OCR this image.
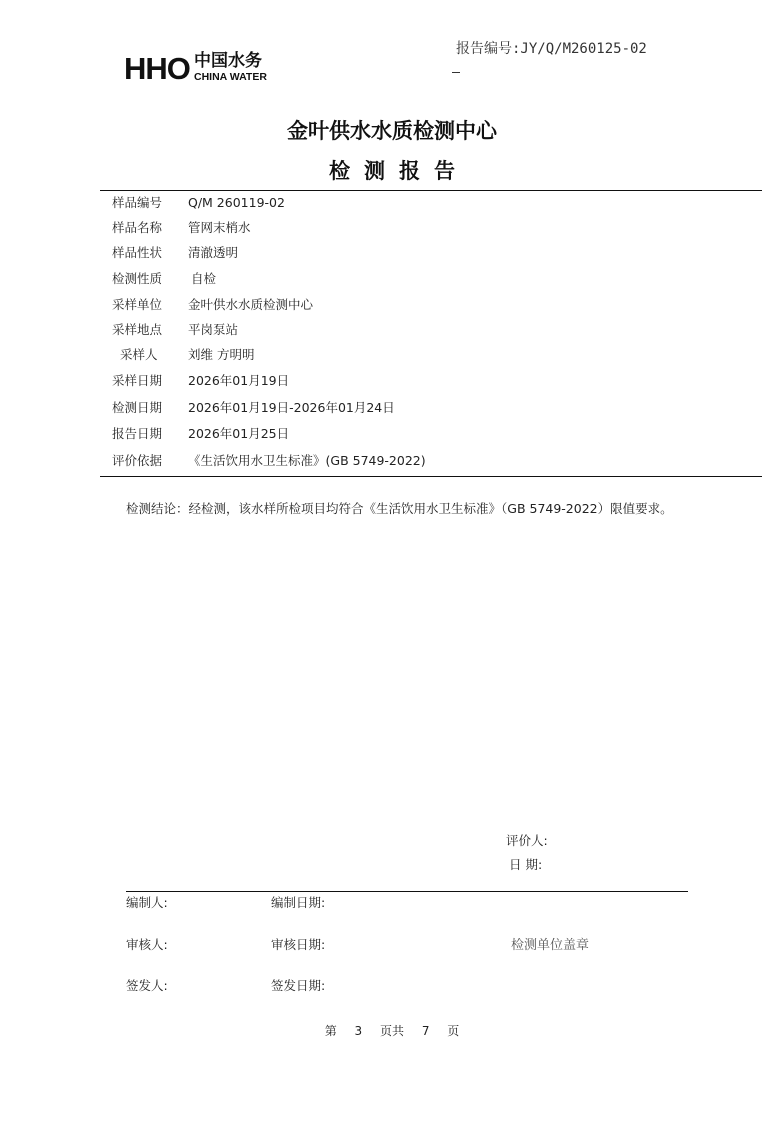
HHO 中国水务
CHINA WATER
报告编号:JY/Q/M260125-02
金叶供水水质检测中心
检测报告
样品编号	Q/M 260119-02
样品名称	管网末梢水
样品性状	清澈透明
检测性质	自检
采样单位	金叶供水水质检测中心
采样地点	平岗泵站
采样人	刘维 方明明
采样日期	2026年01月19日
检测日期	2026年01月19日-2026年01月24日
报告日期	2026年01月25日
评价依据	《生活饮用水卫生标准》(GB 5749-2022)
检测结论：经检测，该水样所检项目均符合《生活饮用水卫生标准》（GB 5749-2022）限值要求。
评价人:
日 期:
编制人:	编制日期:
审核人:	审核日期:
签发人:	签发日期:
检测单位盖章
第 3 页共 7 页
